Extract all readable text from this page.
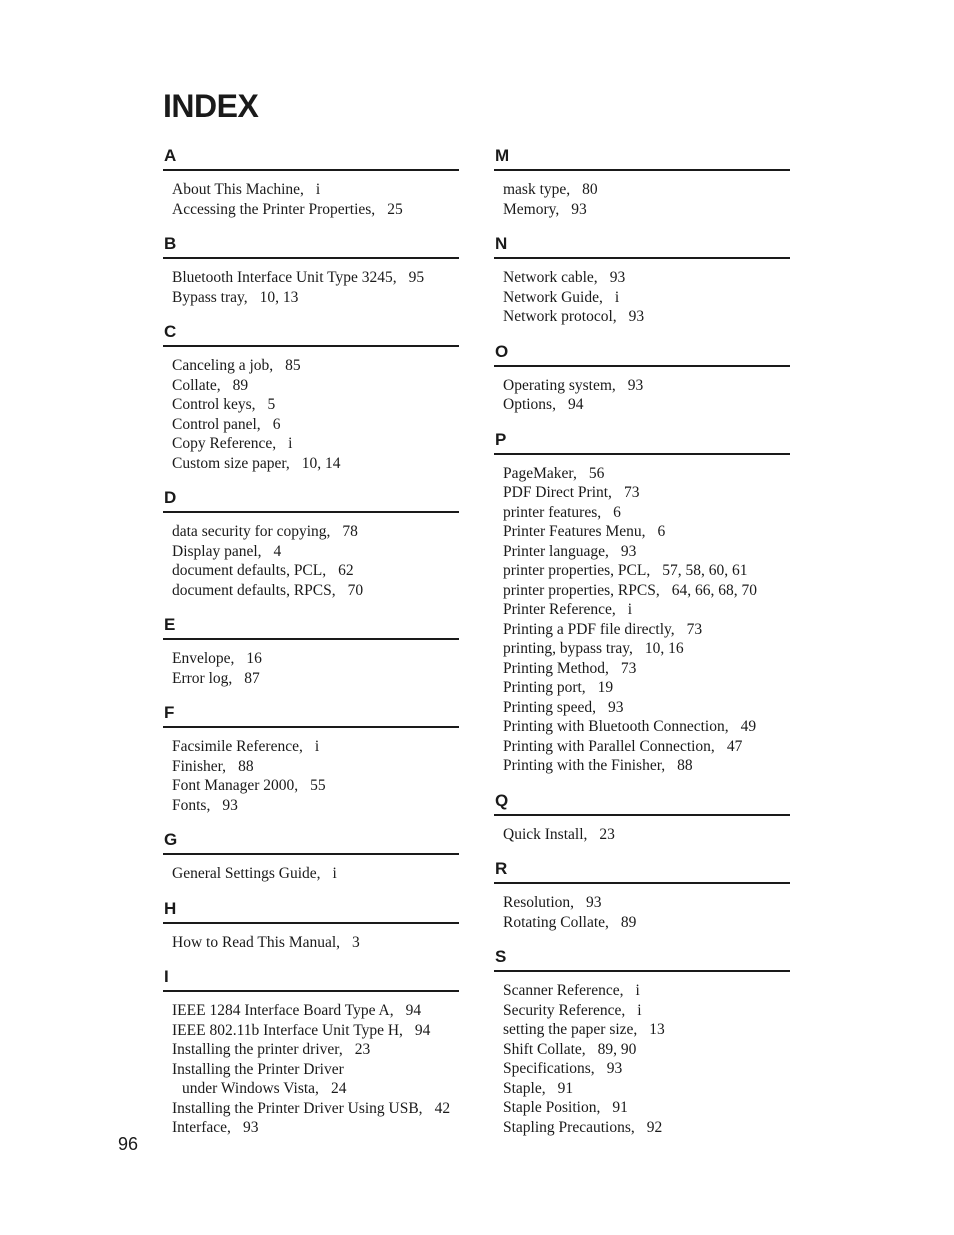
INDEX
A
About This Machine, i
Accessing the Printer Properties, 25
B
Bluetooth Interface Unit Type 3245, 95
Bypass tray, 10, 13
C
Canceling a job, 85
Collate, 89
Control keys, 5
Control panel, 6
Copy Reference, i
Custom size paper, 10, 14
D
data security for copying, 78
Display panel, 4
document defaults, PCL, 62
document defaults, RPCS, 70
E
Envelope, 16
Error log, 87
F
Facsimile Reference, i
Finisher, 88
Font Manager 2000, 55
Fonts, 93
G
General Settings Guide, i
H
How to Read This Manual, 3
I
IEEE 1284 Interface Board Type A, 94
IEEE 802.11b Interface Unit Type H, 94
Installing the printer driver, 23
Installing the Printer Driver
under Windows Vista, 24
Installing the Printer Driver Using USB, 42
Interface, 93
M
mask type, 80
Memory, 93
N
Network cable, 93
Network Guide, i
Network protocol, 93
O
Operating system, 93
Options, 94
P
PageMaker, 56
PDF Direct Print, 73
printer features, 6
Printer Features Menu, 6
Printer language, 93
printer properties, PCL, 57, 58, 60, 61
printer properties, RPCS, 64, 66, 68, 70
Printer Reference, i
Printing a PDF file directly, 73
printing, bypass tray, 10, 16
Printing Method, 73
Printing port, 19
Printing speed, 93
Printing with Bluetooth Connection, 49
Printing with Parallel Connection, 47
Printing with the Finisher, 88
Q
Quick Install, 23
R
Resolution, 93
Rotating Collate, 89
S
Scanner Reference, i
Security Reference, i
setting the paper size, 13
Shift Collate, 89, 90
Specifications, 93
Staple, 91
Staple Position, 91
Stapling Precautions, 92
96
